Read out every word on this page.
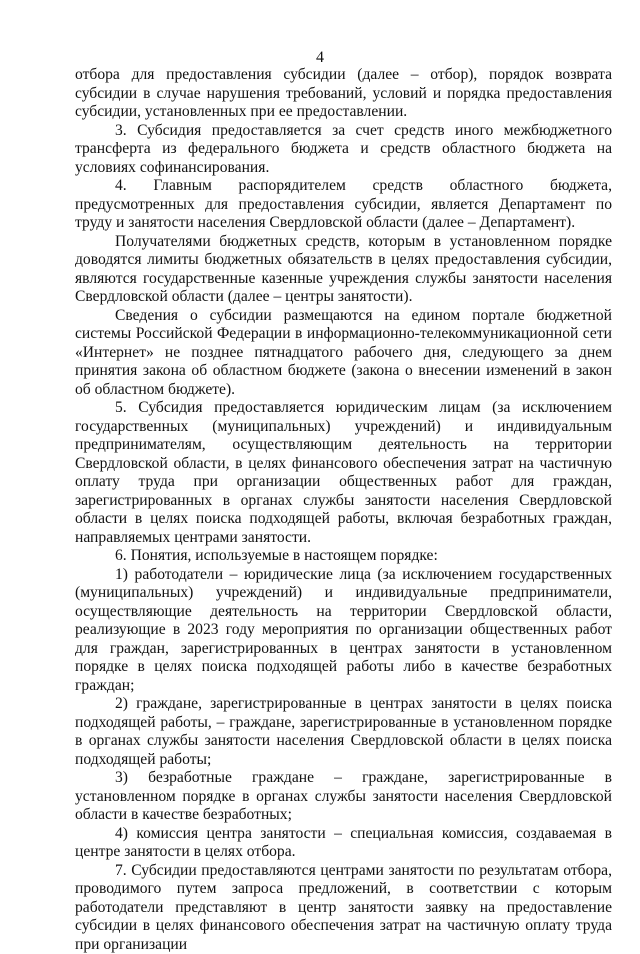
4

отбора для предоставления субсидии (далее – отбор), порядок возврата субсидии в случае нарушения требований, условий и порядка предоставления субсидии, установленных при ее предоставлении.

3. Субсидия предоставляется за счет средств иного межбюджетного трансферта из федерального бюджета и средств областного бюджета на условиях софинансирования.

4. Главным распорядителем средств областного бюджета, предусмотренных для предоставления субсидии, является Департамент по труду и занятости населения Свердловской области (далее – Департамент).

Получателями бюджетных средств, которым в установленном порядке доводятся лимиты бюджетных обязательств в целях предоставления субсидии, являются государственные казенные учреждения службы занятости населения Свердловской области (далее – центры занятости).

Сведения о субсидии размещаются на едином портале бюджетной системы Российской Федерации в информационно-телекоммуникационной сети «Интернет» не позднее пятнадцатого рабочего дня, следующего за днем принятия закона об областном бюджете (закона о внесении изменений в закон об областном бюджете).

5. Субсидия предоставляется юридическим лицам (за исключением государственных (муниципальных) учреждений) и индивидуальным предпринимателям, осуществляющим деятельность на территории Свердловской области, в целях финансового обеспечения затрат на частичную оплату труда при организации общественных работ для граждан, зарегистрированных в органах службы занятости населения Свердловской области в целях поиска подходящей работы, включая безработных граждан, направляемых центрами занятости.

6. Понятия, используемые в настоящем порядке:

1) работодатели – юридические лица (за исключением государственных (муниципальных) учреждений) и индивидуальные предприниматели, осуществляющие деятельность на территории Свердловской области, реализующие в 2023 году мероприятия по организации общественных работ для граждан, зарегистрированных в центрах занятости в установленном порядке в целях поиска подходящей работы либо в качестве безработных граждан;

2) граждане, зарегистрированные в центрах занятости в целях поиска подходящей работы, – граждане, зарегистрированные в установленном порядке в органах службы занятости населения Свердловской области в целях поиска подходящей работы;

3) безработные граждане – граждане, зарегистрированные в установленном порядке в органах службы занятости населения Свердловской области в качестве безработных;

4) комиссия центра занятости – специальная комиссия, создаваемая в центре занятости в целях отбора.

7. Субсидии предоставляются центрами занятости по результатам отбора, проводимого путем запроса предложений, в соответствии с которым работодатели представляют в центр занятости заявку на предоставление субсидии в целях финансового обеспечения затрат на частичную оплату труда при организации
